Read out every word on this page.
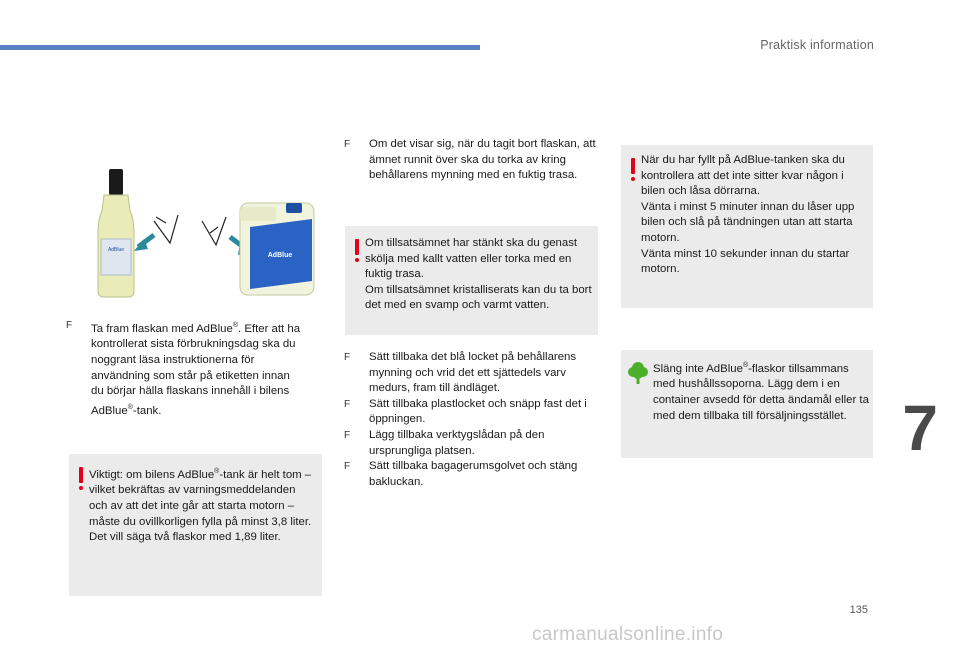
Praktisk information
7
AdBlue
AdBlue
F Ta fram flaskan med AdBlue®. Efter att ha kontrollerat sista förbrukningsdag ska du noggrant läsa instruktionerna för användning som står på etiketten innan du börjar hälla flaskans innehåll i bilens AdBlue®-tank.
Viktigt: om bilens AdBlue®-tank är helt tom – vilket bekräftas av varningsmeddelanden och av att det inte går att starta motorn – måste du ovillkorligen fylla på minst 3,8 liter. Det vill säga två flaskor med 1,89 liter.
F Om det visar sig, när du tagit bort flaskan, att ämnet runnit över ska du torka av kring behållarens mynning med en fuktig trasa.
Om tillsatsämnet har stänkt ska du genast skölja med kallt vatten eller torka med en fuktig trasa.
Om tillsatsämnet kristalliserats kan du ta bort det med en svamp och varmt vatten.
F Sätt tillbaka det blå locket på behållarens mynning och vrid det ett sjättedels varv medurs, fram till ändläget.
F Sätt tillbaka plastlocket och snäpp fast det i öppningen.
F Lägg tillbaka verktygslådan på den ursprungliga platsen.
F Sätt tillbaka bagagerumsgolvet och stäng bakluckan.
När du har fyllt på AdBlue-tanken ska du kontrollera att det inte sitter kvar någon i bilen och låsa dörrarna.
Vänta i minst 5 minuter innan du låser upp bilen och slå på tändningen utan att starta motorn.
Vänta minst 10 sekunder innan du startar motorn.
Släng inte AdBlue®-flaskor tillsammans med hushållssoporna. Lägg dem i en container avsedd för detta ändamål eller ta med dem tillbaka till försäljningsstället.
135
carmanualsonline.info
